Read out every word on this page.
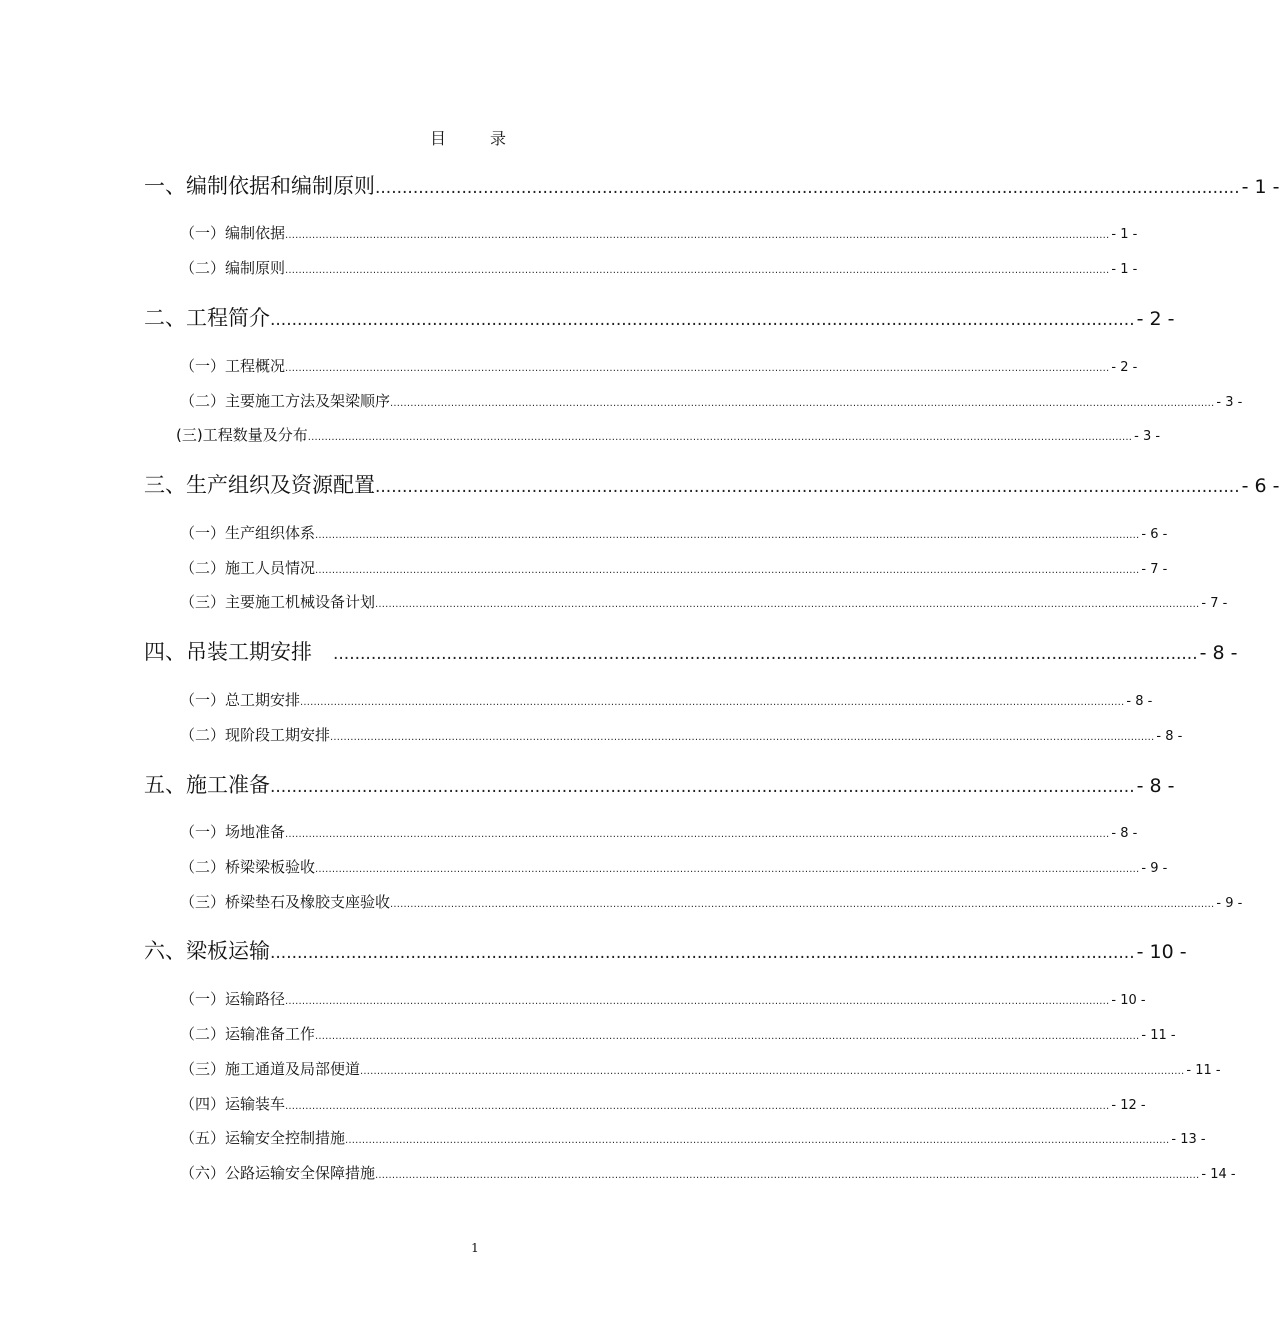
目　录
一、编制依据和编制原则 ................................................................................................................................................................ - 1 -
（一）编制依据 .................................................................................................................................................................................................................................................... - 1 -
（二）编制原则 .................................................................................................................................................................................................................................................... - 1 -
二、工程简介 ................................................................................................................................................................ - 2 -
（一）工程概况 .................................................................................................................................................................................................................................................... - 2 -
（二）主要施工方法及架梁顺序 .................................................................................................................................................................................................................................................... - 3 -
(三)工程数量及分布 .................................................................................................................................................................................................................................................... - 3 -
三、生产组织及资源配置 ................................................................................................................................................................ - 6 -
（一）生产组织体系 .................................................................................................................................................................................................................................................... - 6 -
（二）施工人员情况 .................................................................................................................................................................................................................................................... - 7 -
（三）主要施工机械设备计划 .................................................................................................................................................................................................................................................... - 7 -
四、吊装工期安排　 ................................................................................................................................................................ - 8 -
（一）总工期安排 .................................................................................................................................................................................................................................................... - 8 -
（二）现阶段工期安排 .................................................................................................................................................................................................................................................... - 8 -
五、施工准备 ................................................................................................................................................................ - 8 -
（一）场地准备 .................................................................................................................................................................................................................................................... - 8 -
（二）桥梁梁板验收 .................................................................................................................................................................................................................................................... - 9 -
（三）桥梁垫石及橡胶支座验收 .................................................................................................................................................................................................................................................... - 9 -
六、梁板运输 ................................................................................................................................................................ - 10 -
（一）运输路径 .................................................................................................................................................................................................................................................... - 10 -
（二）运输准备工作 .................................................................................................................................................................................................................................................... - 11 -
（三）施工通道及局部便道 .................................................................................................................................................................................................................................................... - 11 -
（四）运输装车 .................................................................................................................................................................................................................................................... - 12 -
（五）运输安全控制措施 .................................................................................................................................................................................................................................................... - 13 -
（六）公路运输安全保障措施 .................................................................................................................................................................................................................................................... - 14 -
1
